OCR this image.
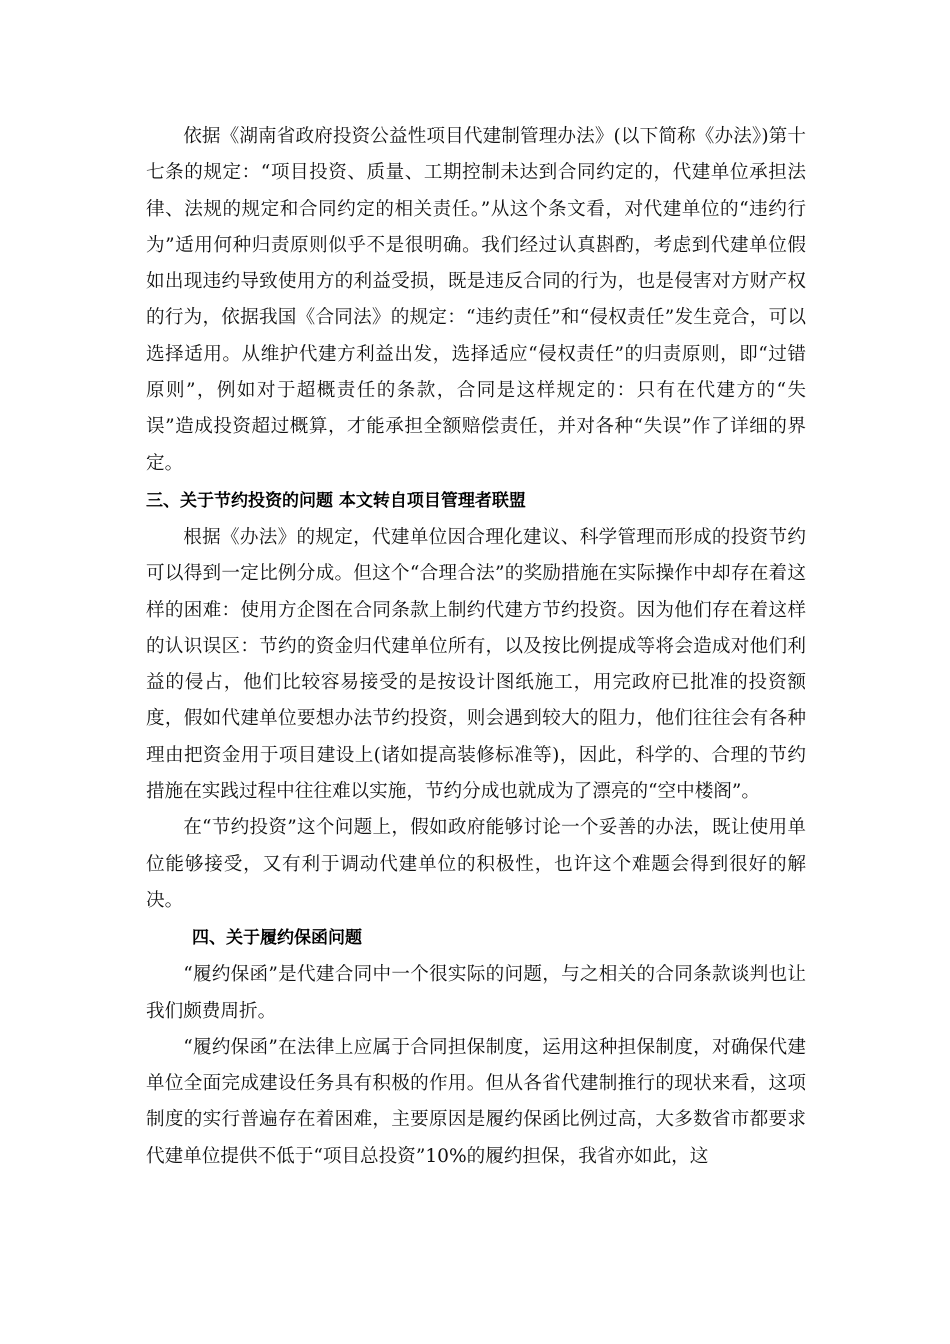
依据《湖南省政府投资公益性项目代建制管理办法》(以下简称《办法》)第十七条的规定：“项目投资、质量、工期控制未达到合同约定的，代建单位承担法律、法规的规定和合同约定的相关责任。”从这个条文看，对代建单位的“违约行为”适用何种归责原则似乎不是很明确。我们经过认真斟酌，考虑到代建单位假如出现违约导致使用方的利益受损，既是违反合同的行为，也是侵害对方财产权的行为，依据我国《合同法》的规定：“违约责任”和“侵权责任”发生竞合，可以选择适用。从维护代建方利益出发，选择适应“侵权责任”的归责原则，即“过错原则”，例如对于超概责任的条款，合同是这样规定的：只有在代建方的“失误”造成投资超过概算，才能承担全额赔偿责任，并对各种“失误”作了详细的界定。

三、关于节约投资的问题 本文转自项目管理者联盟

根据《办法》的规定，代建单位因合理化建议、科学管理而形成的投资节约可以得到一定比例分成。但这个“合理合法”的奖励措施在实际操作中却存在着这样的困难：使用方企图在合同条款上制约代建方节约投资。因为他们存在着这样的认识误区：节约的资金归代建单位所有，以及按比例提成等将会造成对他们利益的侵占，他们比较容易接受的是按设计图纸施工，用完政府已批准的投资额度，假如代建单位要想办法节约投资，则会遇到较大的阻力，他们往往会有各种理由把资金用于项目建设上(诸如提高装修标准等)，因此，科学的、合理的节约措施在实践过程中往往难以实施，节约分成也就成为了漂亮的“空中楼阁”。

在“节约投资”这个问题上，假如政府能够讨论一个妥善的办法，既让使用单位能够接受，又有利于调动代建单位的积极性，也许这个难题会得到很好的解决。

四、关于履约保函问题

“履约保函”是代建合同中一个很实际的问题，与之相关的合同条款谈判也让我们颇费周折。

“履约保函”在法律上应属于合同担保制度，运用这种担保制度，对确保代建单位全面完成建设任务具有积极的作用。但从各省代建制推行的现状来看，这项制度的实行普遍存在着困难，主要原因是履约保函比例过高，大多数省市都要求代建单位提供不低于“项目总投资”10%的履约担保，我省亦如此，这
